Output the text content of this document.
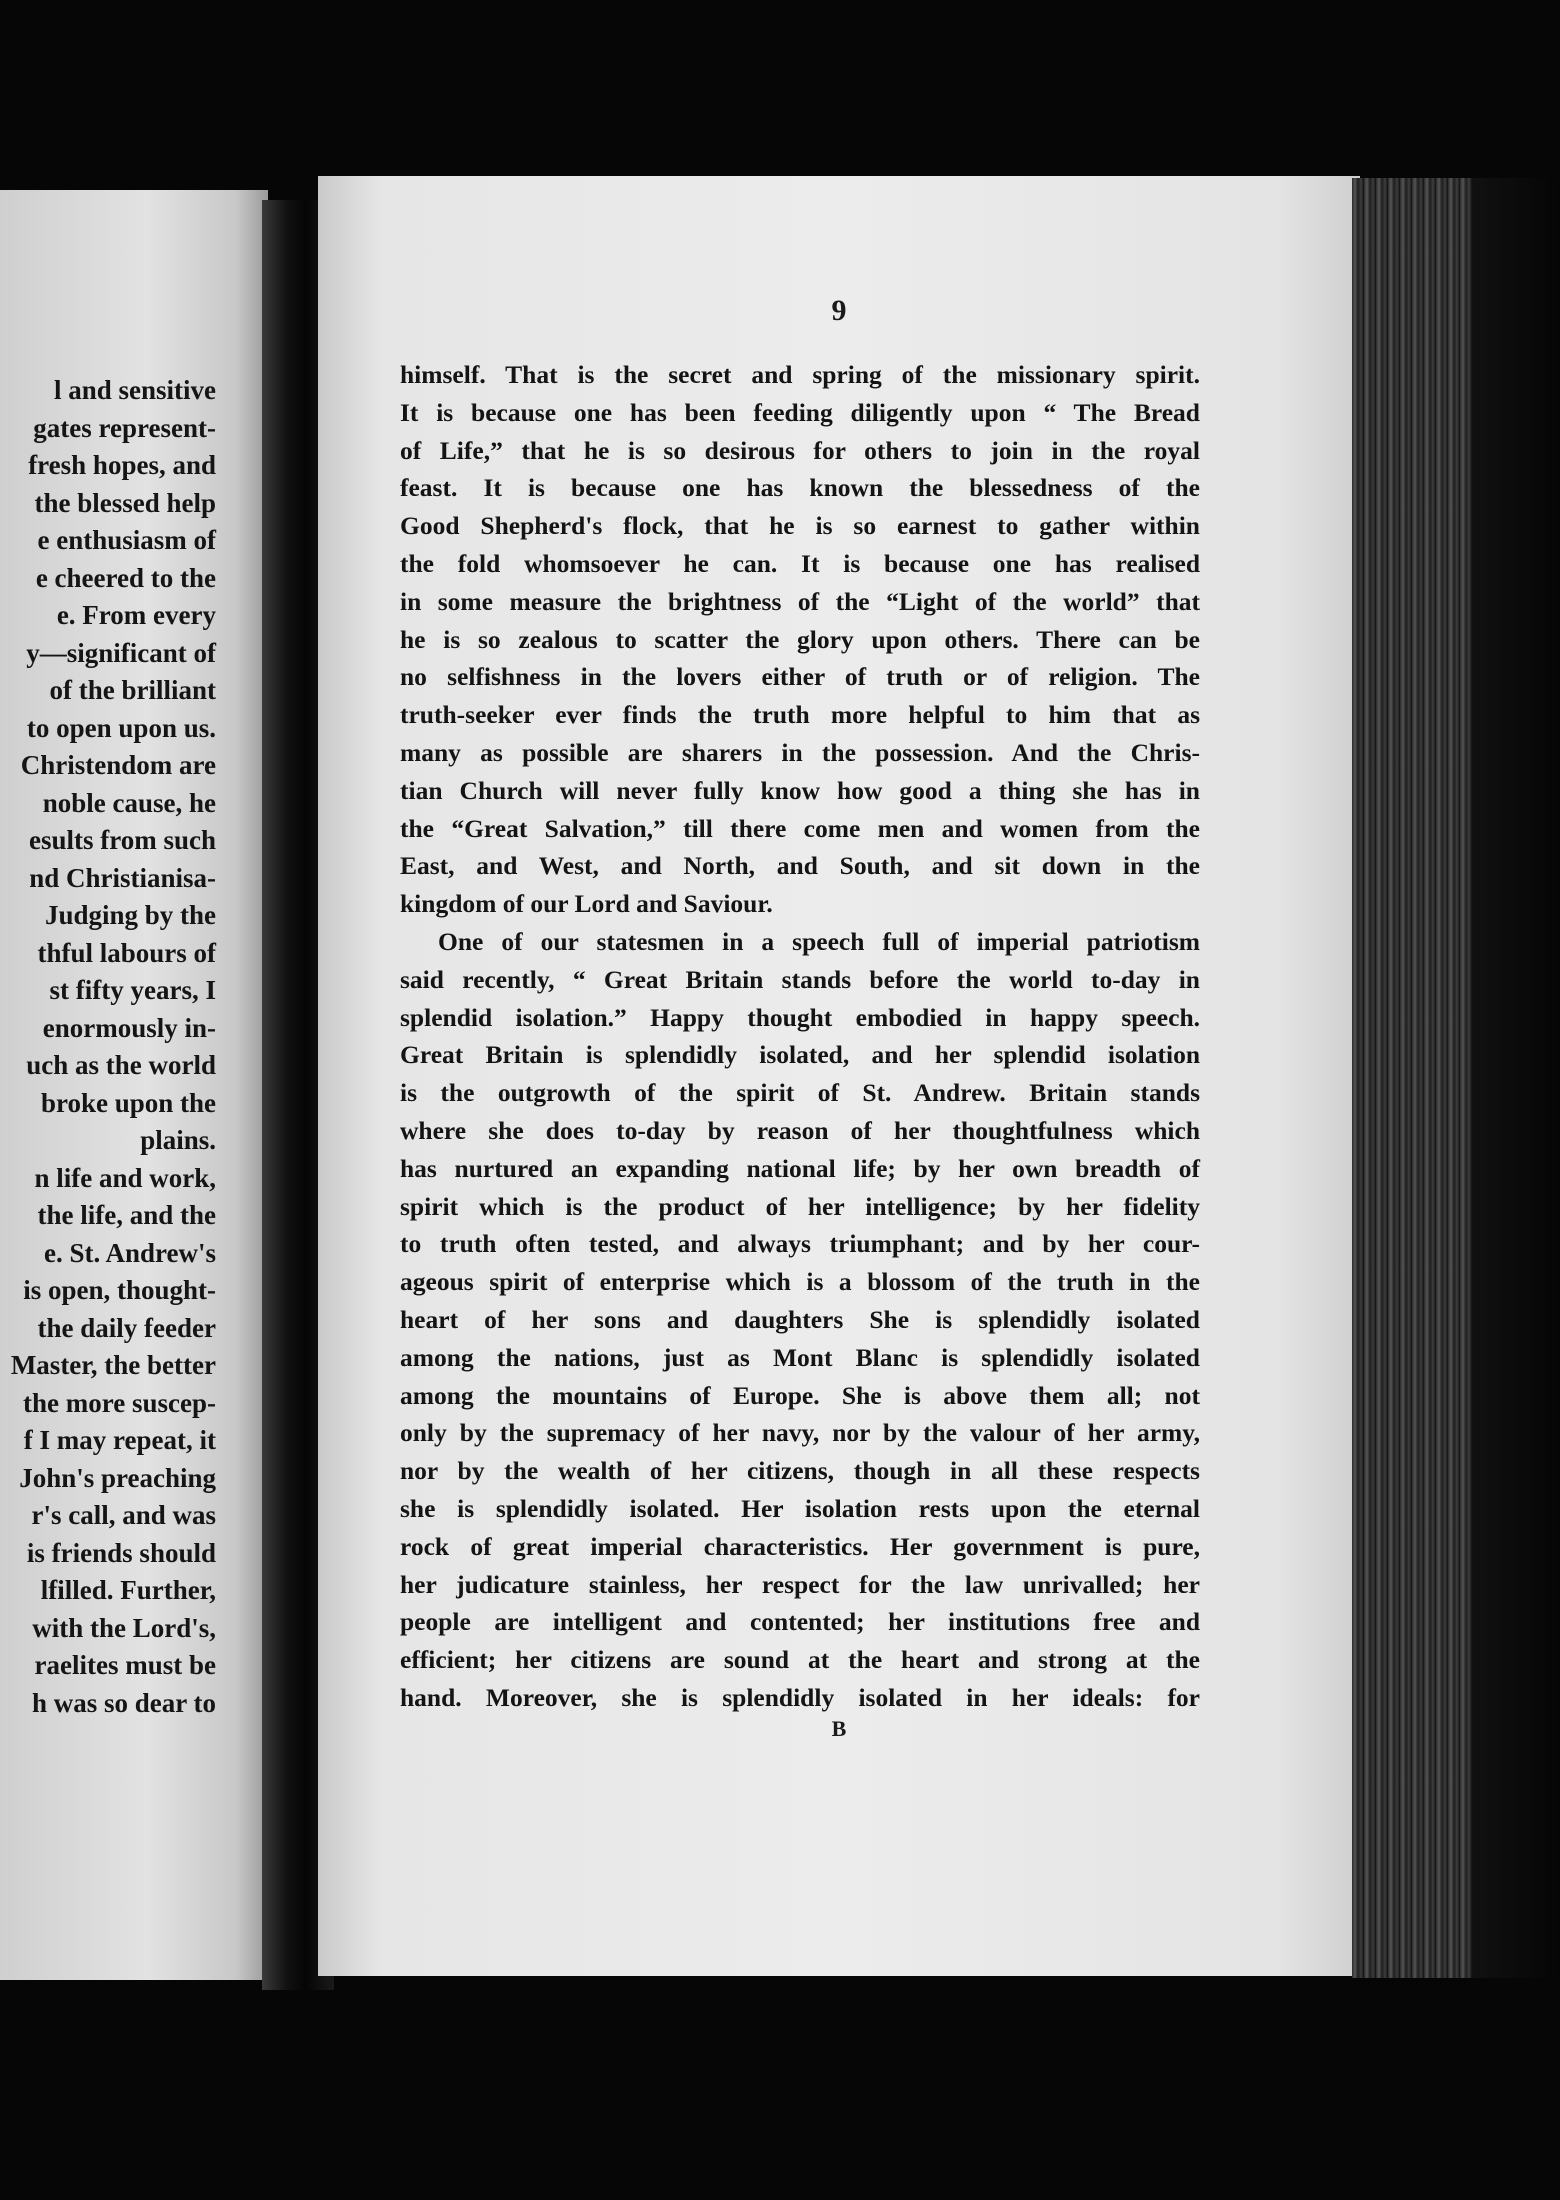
l and sensitive
gates represent-
fresh hopes, and
the blessed help
e enthusiasm of
e cheered to the
e. From every
y—significant of
of the brilliant
to open upon us.
Christendom are
noble cause, he
esults from such
nd Christianisa-
Judging by the
thful labours of
st fifty years, I
enormously in-
uch as the world
broke upon the
plains.
n life and work,
the life, and the
e. St. Andrew's
is open, thought-
the daily feeder
Master, the better
the more suscep-
f I may repeat, it
John's preaching
r's call, and was
is friends should
lfilled. Further,
with the Lord's,
raelites must be
h was so dear to

9

himself. That is the secret and spring of the missionary spirit.
It is because one has been feeding diligently upon “ The Bread
of Life,” that he is so desirous for others to join in the royal
feast. It is because one has known the blessedness of the
Good Shepherd's flock, that he is so earnest to gather within
the fold whomsoever he can. It is because one has realised
in some measure the brightness of the “Light of the world” that
he is so zealous to scatter the glory upon others. There can be
no selfishness in the lovers either of truth or of religion. The
truth-seeker ever finds the truth more helpful to him that as
many as possible are sharers in the possession. And the Chris-
tian Church will never fully know how good a thing she has in
the “Great Salvation,” till there come men and women from the
East, and West, and North, and South, and sit down in the
kingdom of our Lord and Saviour.
One of our statesmen in a speech full of imperial patriotism
said recently, “ Great Britain stands before the world to-day in
splendid isolation.” Happy thought embodied in happy speech.
Great Britain is splendidly isolated, and her splendid isolation
is the outgrowth of the spirit of St. Andrew. Britain stands
where she does to-day by reason of her thoughtfulness which
has nurtured an expanding national life; by her own breadth of
spirit which is the product of her intelligence; by her fidelity
to truth often tested, and always triumphant; and by her cour-
ageous spirit of enterprise which is a blossom of the truth in the
heart of her sons and daughters She is splendidly isolated
among the nations, just as Mont Blanc is splendidly isolated
among the mountains of Europe. She is above them all; not
only by the supremacy of her navy, nor by the valour of her army,
nor by the wealth of her citizens, though in all these respects
she is splendidly isolated. Her isolation rests upon the eternal
rock of great imperial characteristics. Her government is pure,
her judicature stainless, her respect for the law unrivalled; her
people are intelligent and contented; her institutions free and
efficient; her citizens are sound at the heart and strong at the
hand. Moreover, she is splendidly isolated in her ideals: for

B
